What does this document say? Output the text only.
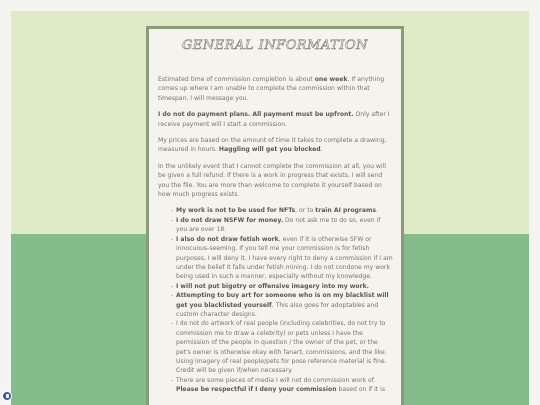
GENERAL INFORMATION

Estimated time of commission completion is about one week. If anything comes up where I am unable to complete the commission within that timespan, I will message you.

I do not do payment plans. All payment must be upfront. Only after I receive payment will I start a commission.

My prices are based on the amount of time it takes to complete a drawing, measured in hours. Haggling will get you blocked.

In the unlikely event that I cannot complete the commission at all, you will be given a full refund. If there is a work in progress that exists, I will send you the file. You are more than welcome to complete it yourself based on how much progress exists.

- My work is not to be used for NFTs, or to train AI programs.
- I do not draw NSFW for money. Do not ask me to do so, even if you are over 18.
- I also do not draw fetish work, even if it is otherwise SFW or innocuous-seeming. If you tell me your commission is for fetish purposes, I will deny it. I have every right to deny a commission if I am under the belief it falls under fetish mining. I do not condone my work being used in such a manner, especially without my knowledge.
- I will not put bigotry or offensive imagery into my work.
- Attempting to buy art for someone who is on my blacklist will get you blacklisted yourself. This also goes for adoptables and custom character designs.
- I do not do artwork of real people (including celebrities, do not try to commission me to draw a celebrity) or pets unless I have the permission of the people in question / the owner of the pet, or the pet's owner is otherwise okay with fanart, commissions, and the like. Using imagery of real people/pets for pose reference material is fine. Credit will be given if/when necessary.
- There are some pieces of media I will not do commission work of. Please be respectful if I deny your commission based on if it is
